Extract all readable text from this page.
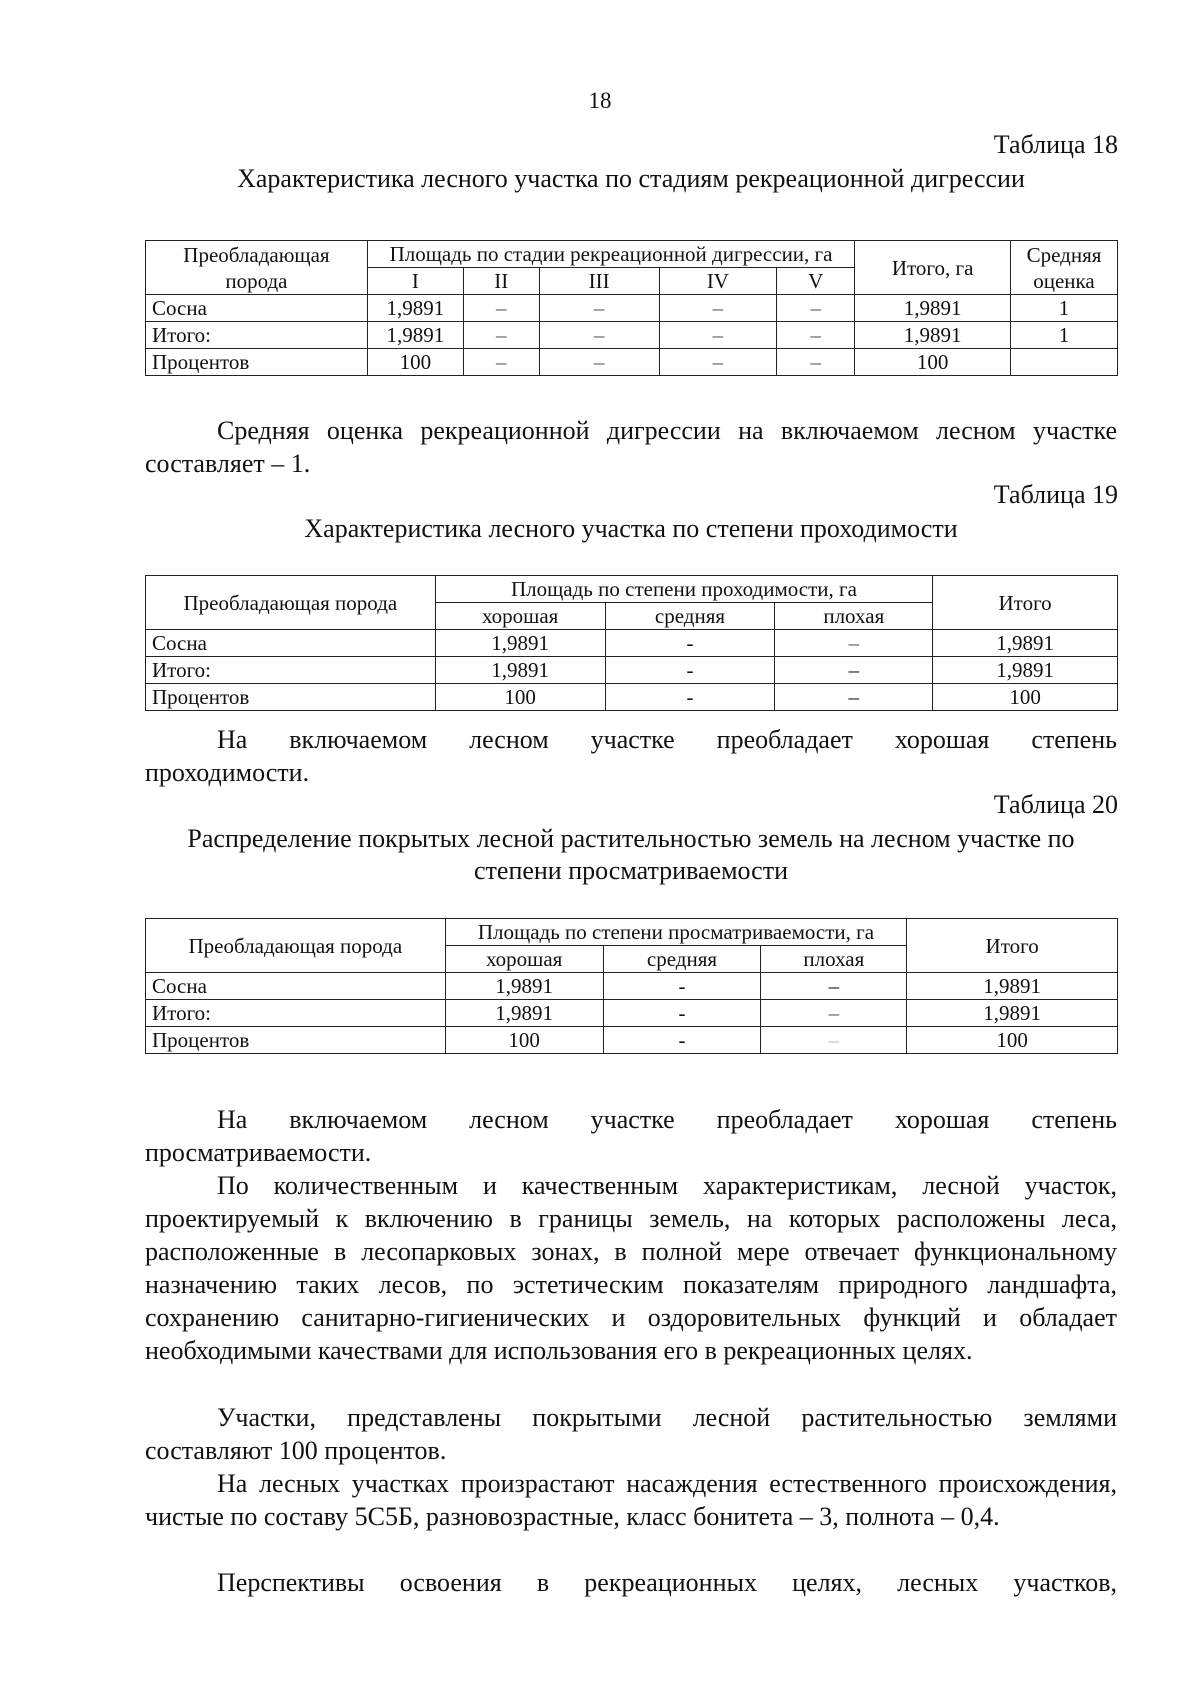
18
Таблица 18
Характеристика лесного участка по стадиям рекреационной дигрессии
Преобладающая порода	Площадь по стадии рекреационной дигрессии, га					Итого, га	Средняя оценка
	I	II	III	IV	V		
Сосна	1,9891	–	–	–	–	1,9891	1
Итого:	1,9891	–	–	–	–	1,9891	1
Процентов	100	–	–	–	–	100	
Средняя оценка рекреационной дигрессии на включаемом лесном участке
составляет – 1.
Таблица 19
Характеристика лесного участка по степени проходимости
Преобладающая порода	Площадь по степени проходимости, га			Итого
	хорошая	средняя	плохая	
Сосна	1,9891	-	–	1,9891
Итого:	1,9891	-	–	1,9891
Процентов	100	-	–	100
На включаемом лесном участке преобладает хорошая степень
проходимости.
Таблица 20
Распределение покрытых лесной растительностью земель на лесном участке по
степени просматриваемости
Преобладающая порода	Площадь по степени просматриваемости, га			Итого
	хорошая	средняя	плохая	
Сосна	1,9891	-	–	1,9891
Итого:	1,9891	-	–	1,9891
Процентов	100	-	–	100
На включаемом лесном участке преобладает хорошая степень
просматриваемости.
По количественным и качественным характеристикам, лесной участок, проектируемый к включению в границы земель, на которых расположены леса, расположенные в лесопарковых зонах, в полной мере отвечает функциональному назначению таких лесов, по эстетическим показателям природного ландшафта, сохранению санитарно-гигиенических и оздоровительных функций и обладает необходимыми качествами для использования его в рекреационных целях.
Участки, представлены покрытыми лесной растительностью землями составляют 100 процентов.
На лесных участках произрастают насаждения естественного происхождения, чистые по составу 5С5Б, разновозрастные, класс бонитета – 3, полнота – 0,4.
Перспективы освоения в рекреационных целях, лесных участков,
